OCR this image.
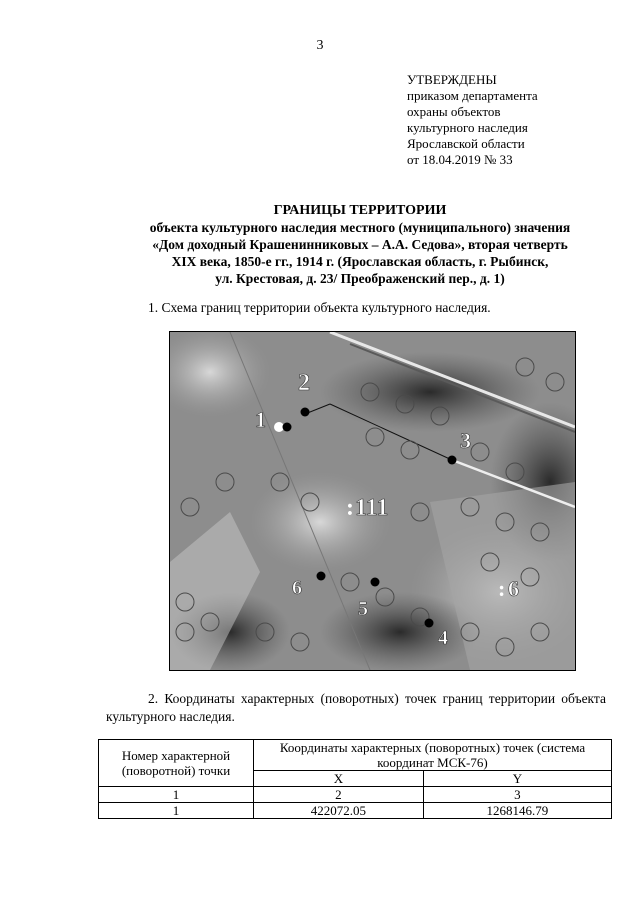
3
УТВЕРЖДЕНЫ
приказом департамента
охраны объектов
культурного наследия
Ярославской области
от 18.04.2019 № 33
ГРАНИЦЫ ТЕРРИТОРИИ
объекта культурного наследия местного (муниципального) значения
«Дом доходный Крашенинниковых – А.А. Седова», вторая четверть
XIX века, 1850-е гг., 1914 г. (Ярославская область, г. Рыбинск,
ул. Крестовая, д. 23/ Преображенский пер., д. 1)
1. Схема границ территории объекта культурного наследия.
1
2
3
4
5
6
111
6
:
:
2. Координаты характерных (поворотных) точек границ территории объекта культурного наследия.
Номер характерной (поворотной) точки	Координаты характерных (поворотных) точек (система координат МСК-76)	
	X	Y
1	2	3
1	422072.05	1268146.79
